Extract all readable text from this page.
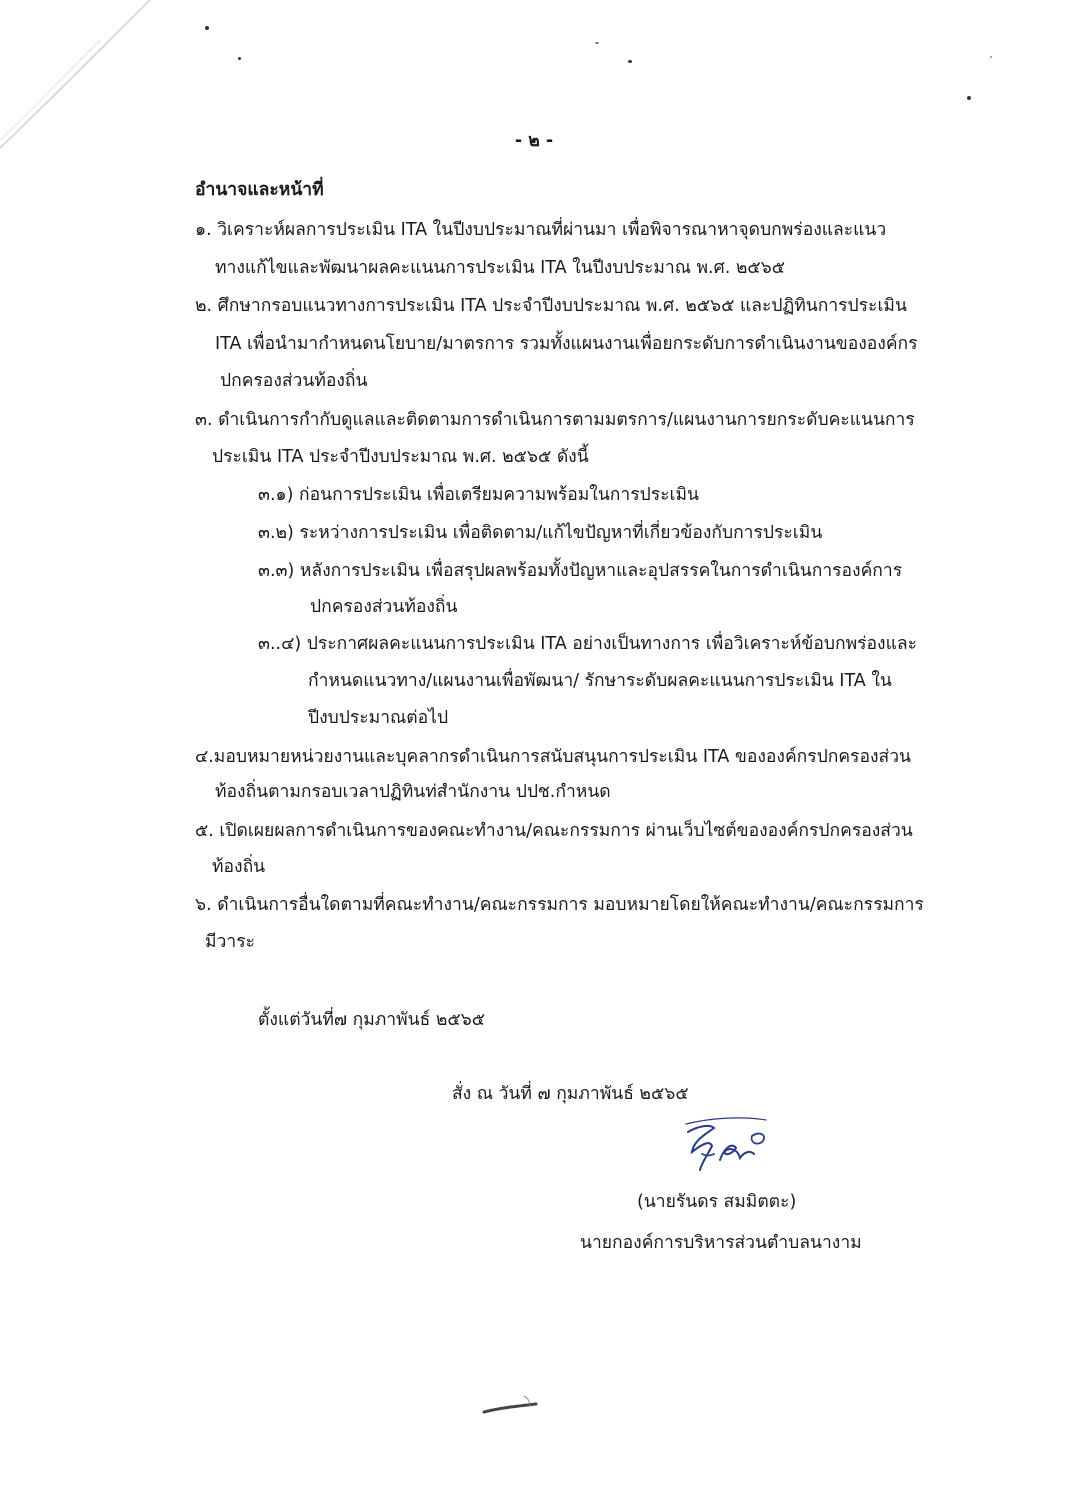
- ๒ -
อำนาจและหน้าที่
๑. วิเคราะห์ผลการประเมิน ITA ในปีงบประมาณที่ผ่านมา เพื่อพิจารณาหาจุดบกพร่องและแนว
ทางแก้ไขและพัฒนาผลคะแนนการประเมิน ITA ในปีงบประมาณ พ.ศ. ๒๕๖๕
๒. ศึกษากรอบแนวทางการประเมิน ITA ประจำปีงบประมาณ พ.ศ. ๒๕๖๕ และปฏิทินการประเมิน
ITA เพื่อนำมากำหนดนโยบาย/มาตรการ รวมทั้งแผนงานเพื่อยกระดับการดำเนินงานขององค์กร
ปกครองส่วนท้องถิ่น
๓. ดำเนินการกำกับดูแลและติดตามการดำเนินการตามมตรการ/แผนงานการยกระดับคะแนนการ
ประเมิน ITA ประจำปีงบประมาณ พ.ศ. ๒๕๖๕ ดังนี้
๓.๑) ก่อนการประเมิน เพื่อเตรียมความพร้อมในการประเมิน
๓.๒) ระหว่างการประเมิน เพื่อติดตาม/แก้ไขปัญหาที่เกี่ยวข้องกับการประเมิน
๓.๓) หลังการประเมิน เพื่อสรุปผลพร้อมทั้งปัญหาและอุปสรรคในการดำเนินการองค์การ
ปกครองส่วนท้องถิ่น
๓..๔) ประกาศผลคะแนนการประเมิน ITA อย่างเป็นทางการ เพื่อวิเคราะห์ข้อบกพร่องและ
กำหนดแนวทาง/แผนงานเพื่อพัฒนา/ รักษาระดับผลคะแนนการประเมิน ITA ใน
ปีงบประมาณต่อไป
๔.มอบหมายหน่วยงานและบุคลากรดำเนินการสนับสนุนการประเมิน ITA ขององค์กรปกครองส่วน
ท้องถิ่นตามกรอบเวลาปฏิทินท่สำนักงาน ปปช.กำหนด
๕. เปิดเผยผลการดำเนินการของคณะทำงาน/คณะกรรมการ ผ่านเว็บไซต์ขององค์กรปกครองส่วน
ท้องถิ่น
๖. ดำเนินการอื่นใดตามที่คณะทำงาน/คณะกรรมการ มอบหมายโดยให้คณะทำงาน/คณะกรรมการ
มีวาระ
ตั้งแต่วันที่๗ กุมภาพันธ์ ๒๕๖๕
สั่ง ณ วันที่ ๗ กุมภาพันธ์ ๒๕๖๕
(นายรันดร สมมิตตะ)
นายกองค์การบริหารส่วนตำบลนางาม
